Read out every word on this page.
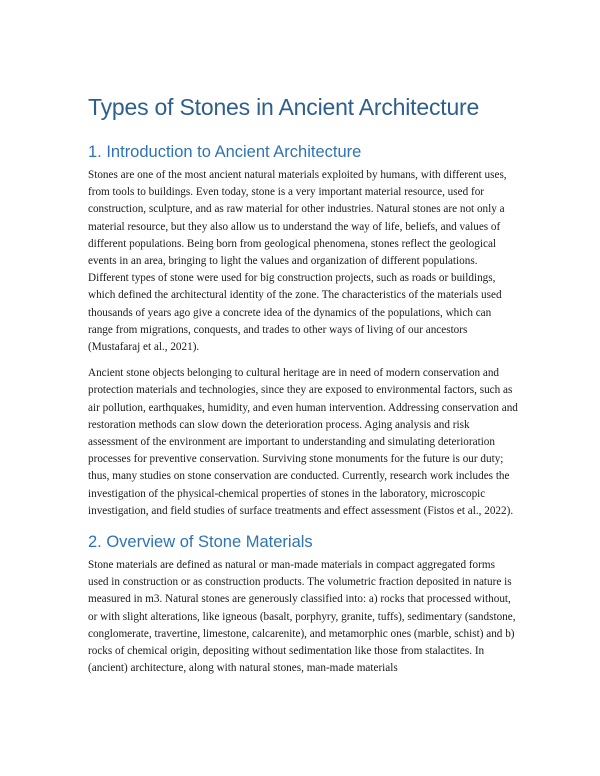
Types of Stones in Ancient Architecture
1. Introduction to Ancient Architecture

Stones are one of the most ancient natural materials exploited by humans, with different uses, from tools to buildings. Even today, stone is a very important material resource, used for construction, sculpture, and as raw material for other industries. Natural stones are not only a material resource, but they also allow us to understand the way of life, beliefs, and values of different populations. Being born from geological phenomena, stones reflect the geological events in an area, bringing to light the values and organization of different populations. Different types of stone were used for big construction projects, such as roads or buildings, which defined the architectural identity of the zone. The characteristics of the materials used thousands of years ago give a concrete idea of the dynamics of the populations, which can range from migrations, conquests, and trades to other ways of living of our ancestors (Mustafaraj et al., 2021).

Ancient stone objects belonging to cultural heritage are in need of modern conservation and protection materials and technologies, since they are exposed to environmental factors, such as air pollution, earthquakes, humidity, and even human intervention. Addressing conservation and restoration methods can slow down the deterioration process. Aging analysis and risk assessment of the environment are important to understanding and simulating deterioration processes for preventive conservation. Surviving stone monuments for the future is our duty; thus, many studies on stone conservation are conducted. Currently, research work includes the investigation of the physical-chemical properties of stones in the laboratory, microscopic investigation, and field studies of surface treatments and effect assessment (Fistos et al., 2022).

2. Overview of Stone Materials

Stone materials are defined as natural or man-made materials in compact aggregated forms used in construction or as construction products. The volumetric fraction deposited in nature is measured in m3. Natural stones are generously classified into: a) rocks that processed without, or with slight alterations, like igneous (basalt, porphyry, granite, tuffs), sedimentary (sandstone, conglomerate, travertine, limestone, calcarenite), and metamorphic ones (marble, schist) and b) rocks of chemical origin, depositing without sedimentation like those from stalactites. In (ancient) architecture, along with natural stones, man-made materials
